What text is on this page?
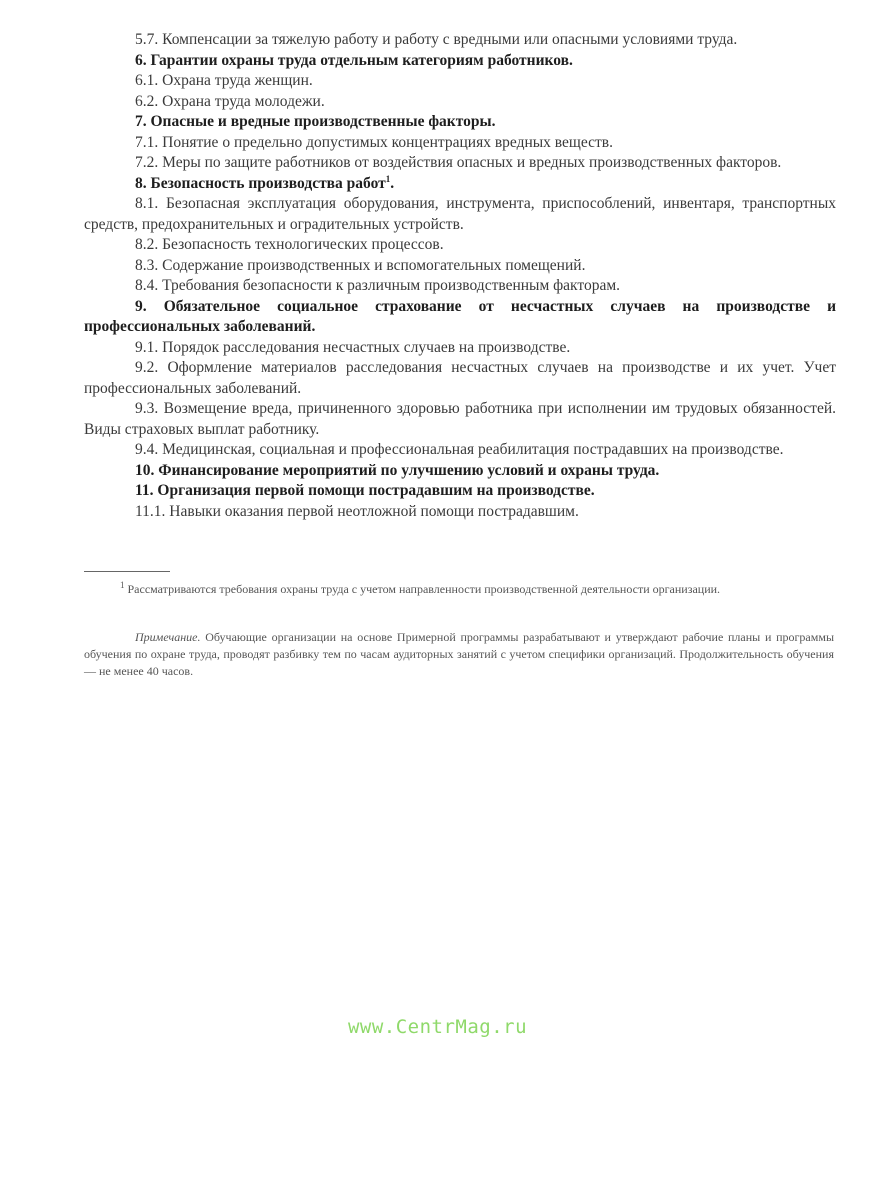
5.7. Компенсации за тяжелую работу и работу с вредными или опасными условиями труда.

6. Гарантии охраны труда отдельным категориям работников.

6.1. Охрана труда женщин.

6.2. Охрана труда молодежи.

7. Опасные и вредные производственные факторы.

7.1. Понятие о предельно допустимых концентрациях вредных веществ.

7.2. Меры по защите работников от воздействия опасных и вредных производственных факторов.

8. Безопасность производства работ$^1$.

8.1. Безопасная эксплуатация оборудования, инструмента, приспособлений, инвентаря, транспортных средств, предохранительных и оградительных устройств.

8.2. Безопасность технологических процессов.

8.3. Содержание производственных и вспомогательных помещений.

8.4. Требования безопасности к различным производственным факторам.

9. Обязательное социальное страхование от несчастных случаев на производстве и профессиональных заболеваний.

9.1. Порядок расследования несчастных случаев на производстве.

9.2. Оформление материалов расследования несчастных случаев на производстве и их учет. Учет профессиональных заболеваний.

9.3. Возмещение вреда, причиненного здоровью работника при исполнении им трудовых обязанностей. Виды страховых выплат работнику.

9.4. Медицинская, социальная и профессиональная реабилитация пострадавших на производстве.

10. Финансирование мероприятий по улучшению условий и охраны труда.

11. Организация первой помощи пострадавшим на производстве.

11.1. Навыки оказания первой неотложной помощи пострадавшим.

$^1$ Рассматриваются требования охраны труда с учетом направленности производственной деятельности организации.

Примечание. Обучающие организации на основе Примерной программы разрабатывают и утверждают рабочие планы и программы обучения по охране труда, проводят разбивку тем по часам аудиторных занятий с учетом специфики организаций. Продолжительность обучения — не менее 40 часов.

www.CentrMag.ru
